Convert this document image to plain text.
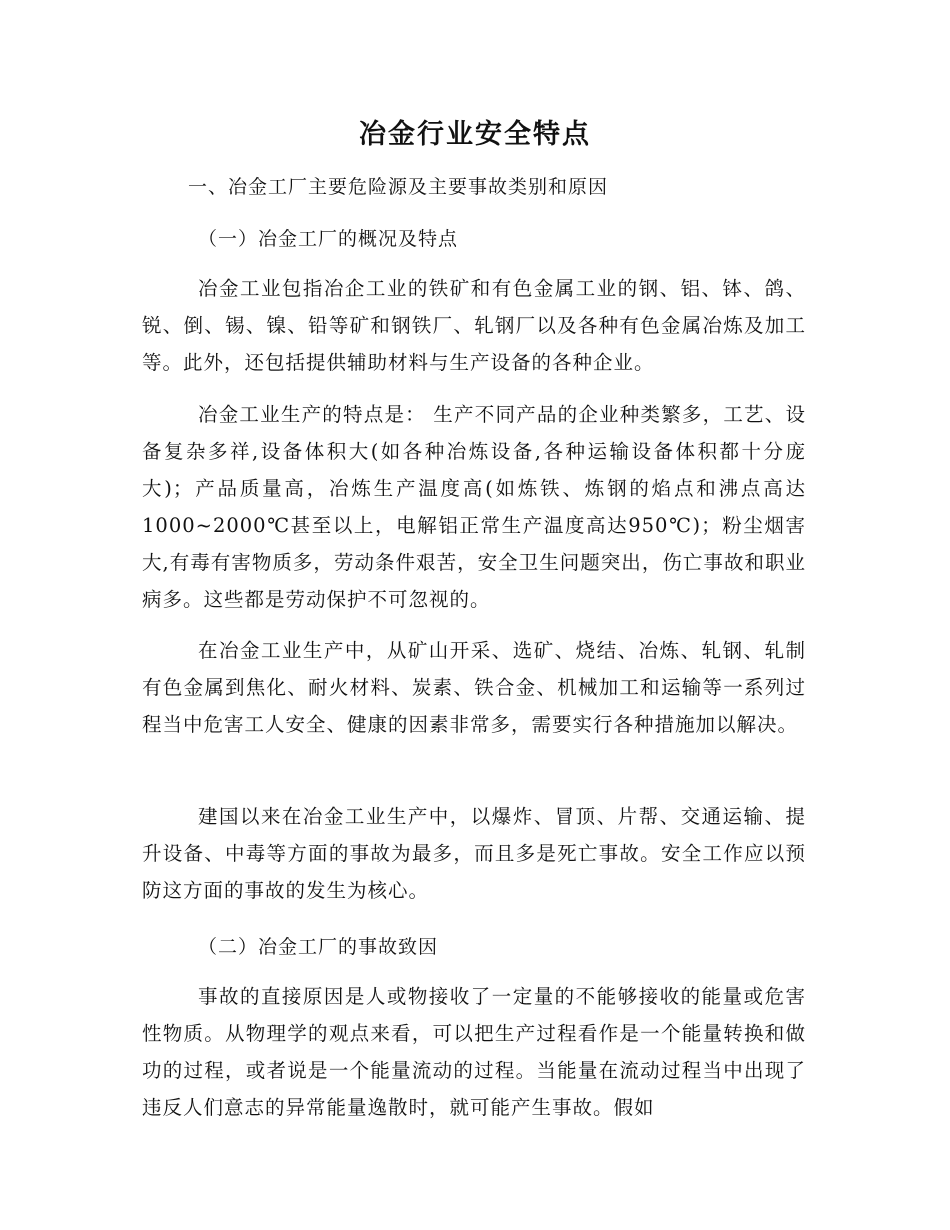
冶金行业安全特点

一、冶金工厂主要危险源及主要事故类别和原因

（一）冶金工厂的概况及特点

冶金工业包指冶企工业的铁矿和有色金属工业的钢、铝、钵、鸽、锐、倒、锡、镍、铅等矿和钢铁厂、轧钢厂以及各种有色金属冶炼及加工等。此外，还包括提供辅助材料与生产设备的各种企业。

冶金工业生产的特点是： 生产不同产品的企业种类繁多，工艺、设备复杂多祥,设备体积大(如各种冶炼设备,各种运输设备体积都十分庞大)；产品质量高，冶炼生产温度高(如炼铁、炼钢的焰点和沸点高达1000~2000℃甚至以上，电解铝正常生产温度高达950℃)；粉尘烟害大,有毒有害物质多，劳动条件艰苦，安全卫生问题突出，伤亡事故和职业病多。这些都是劳动保护不可忽视的。

在冶金工业生产中，从矿山开采、选矿、烧结、冶炼、轧钢、轧制有色金属到焦化、耐火材料、炭素、铁合金、机械加工和运输等一系列过程当中危害工人安全、健康的因素非常多，需要实行各种措施加以解决。

建国以来在冶金工业生产中，以爆炸、冒顶、片帮、交通运输、提升设备、中毒等方面的事故为最多，而且多是死亡事故。安全工作应以预防这方面的事故的发生为核心。

（二）冶金工厂的事故致因

事故的直接原因是人或物接收了一定量的不能够接收的能量或危害性物质。从物理学的观点来看，可以把生产过程看作是一个能量转换和做功的过程，或者说是一个能量流动的过程。当能量在流动过程当中出现了违反人们意志的异常能量逸散时，就可能产生事故。假如
